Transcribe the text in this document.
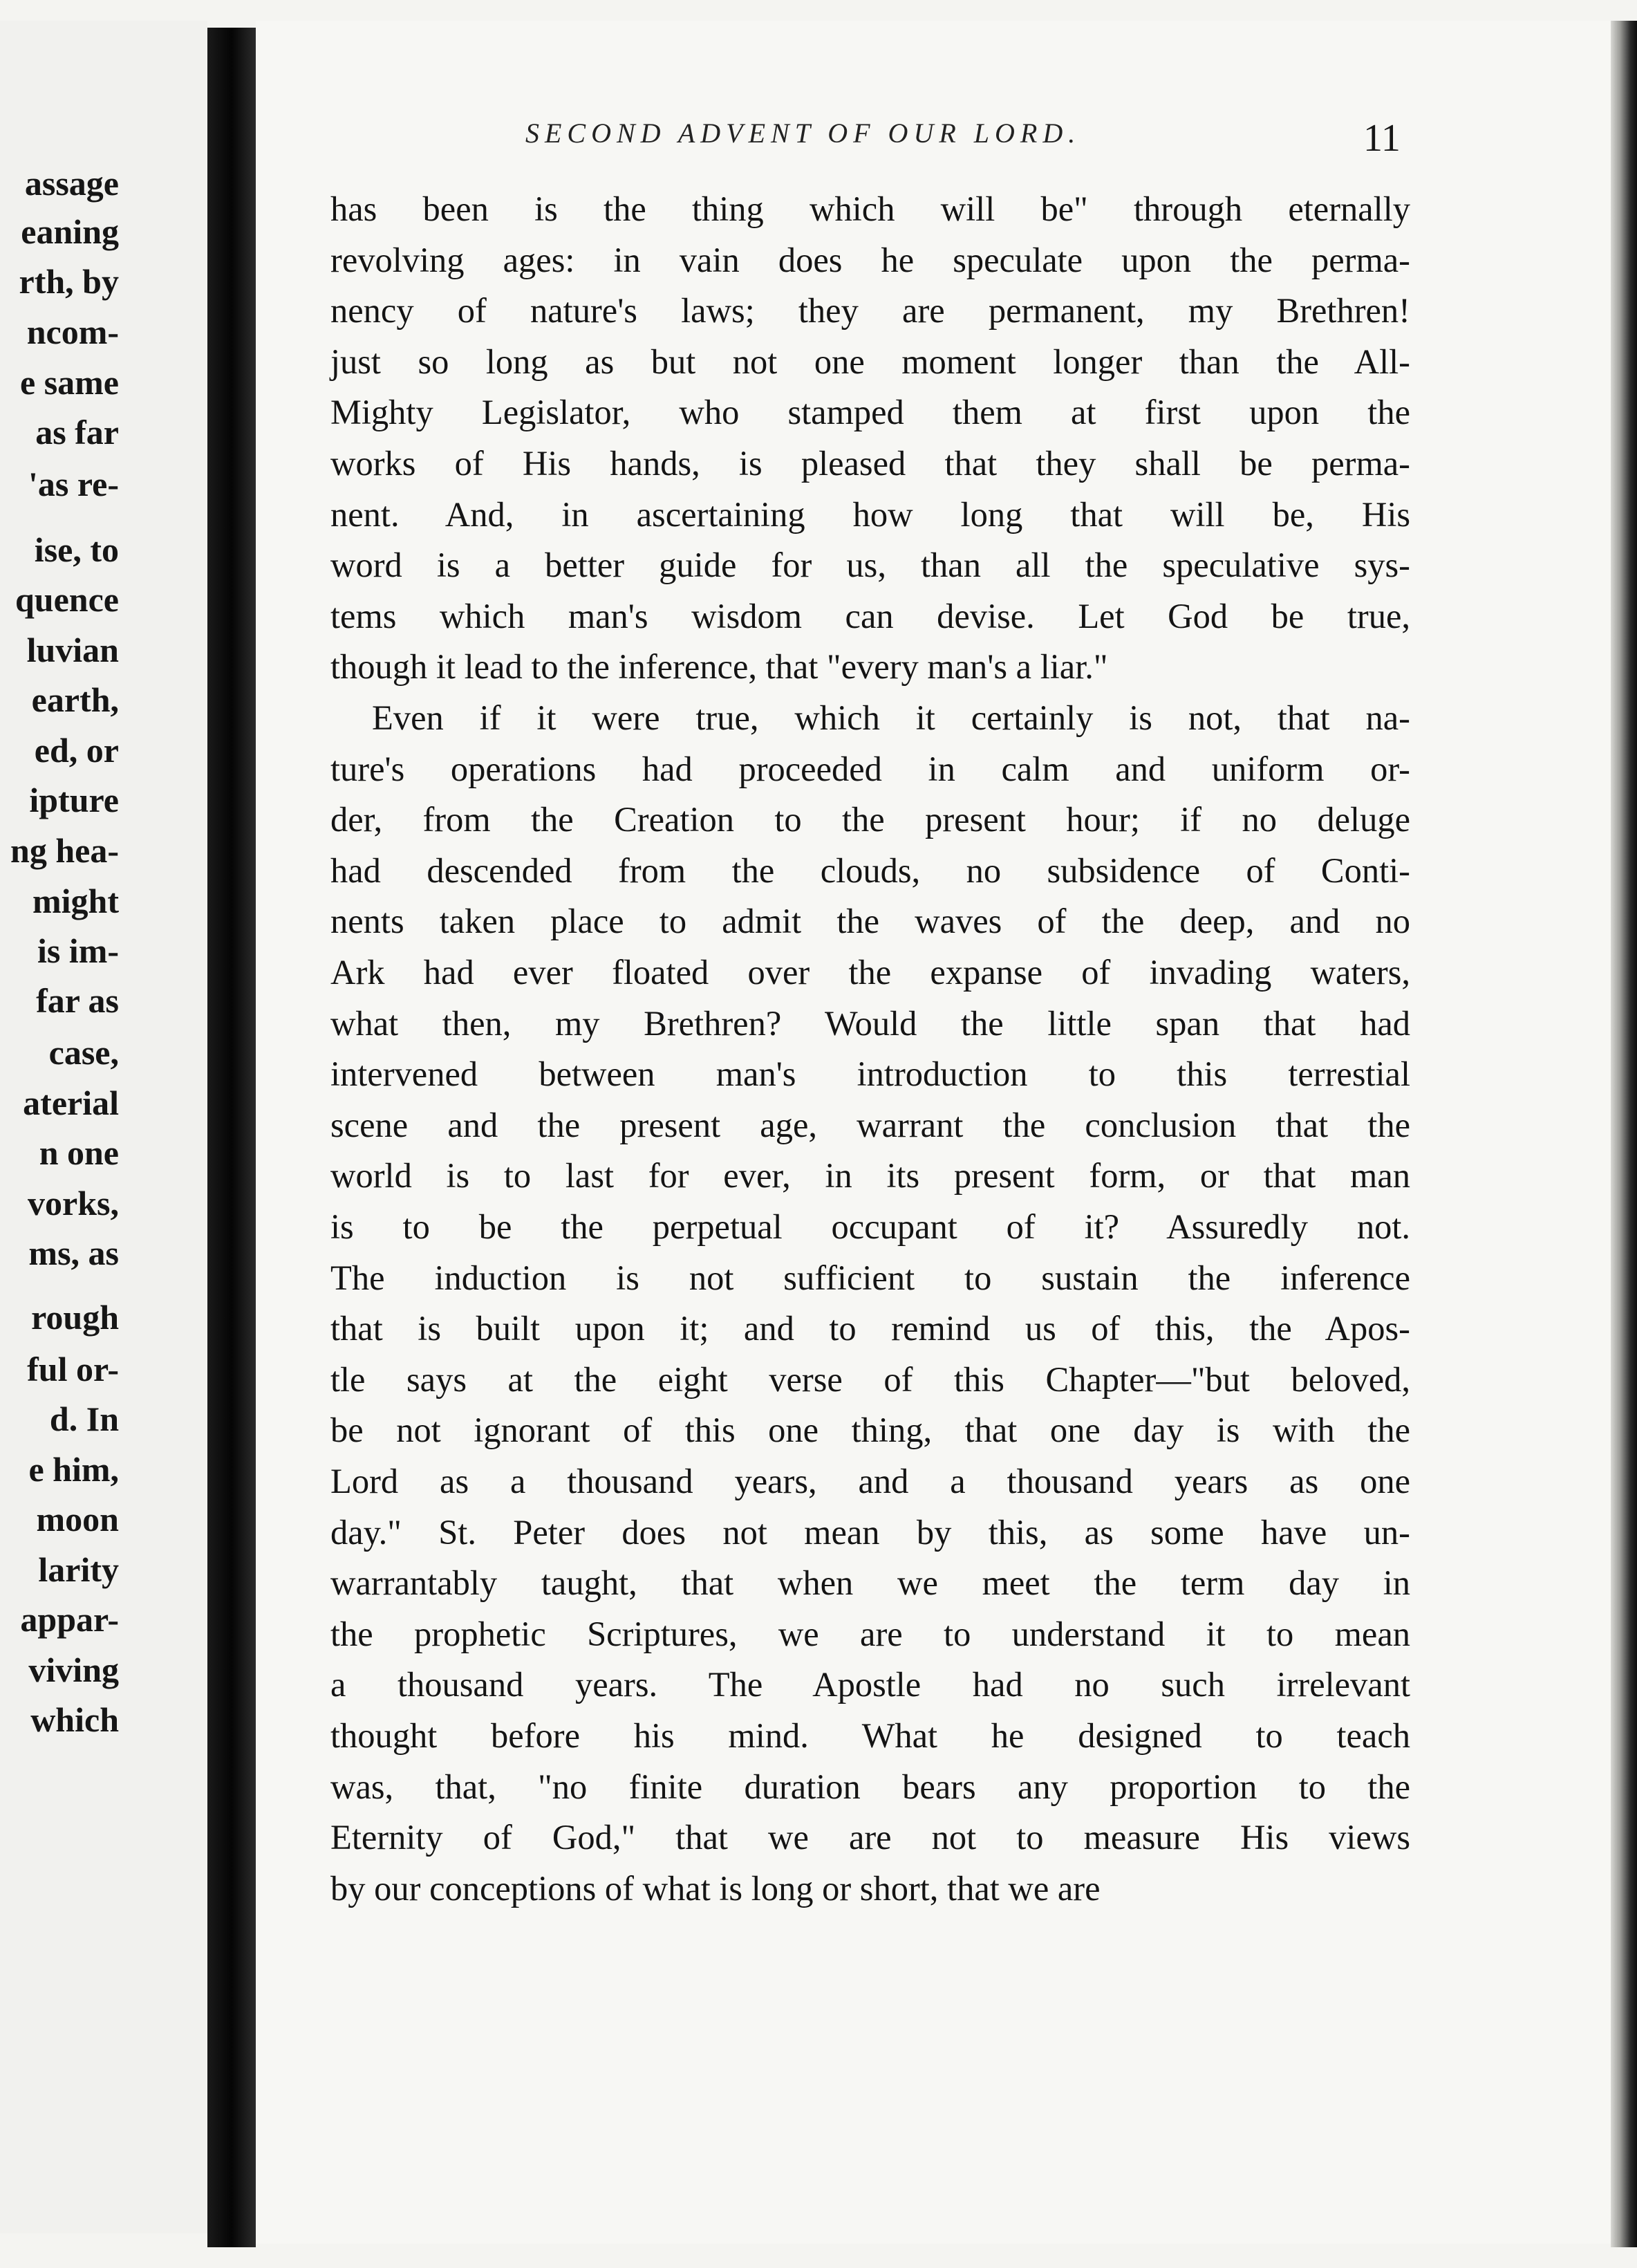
assage
eaning
rth, by
ncom-
e same
as far
'as re-
ise, to
quence
luvian
earth,
ed, or
ipture
ng hea-
might
is im-
far as
case,
aterial
n one
vorks,
ms, as
rough
ful or-
d. In
e him,
moon
larity
appar-
viving
which
SECOND ADVENT OF OUR LORD.	11
has been is the thing which will be" through eternally
revolving ages: in vain does he speculate upon the perma-
nency of nature's laws; they are permanent, my Brethren!
just so long as but not one moment longer than the All-
Mighty Legislator, who stamped them at first upon the
works of His hands, is pleased that they shall be perma-
nent. And, in ascertaining how long that will be, His
word is a better guide for us, than all the speculative sys-
tems which man's wisdom can devise. Let God be true,
though it lead to the inference, that "every man's a liar."
Even if it were true, which it certainly is not, that na-
ture's operations had proceeded in calm and uniform or-
der, from the Creation to the present hour; if no deluge
had descended from the clouds, no subsidence of Conti-
nents taken place to admit the waves of the deep, and no
Ark had ever floated over the expanse of invading waters,
what then, my Brethren? Would the little span that had
intervened between man's introduction to this terrestial
scene and the present age, warrant the conclusion that the
world is to last for ever, in its present form, or that man
is to be the perpetual occupant of it? Assuredly not.
The induction is not sufficient to sustain the inference
that is built upon it; and to remind us of this, the Apos-
tle says at the eight verse of this Chapter—"but beloved,
be not ignorant of this one thing, that one day is with the
Lord as a thousand years, and a thousand years as one
day." St. Peter does not mean by this, as some have un-
warrantably taught, that when we meet the term day in
the prophetic Scriptures, we are to understand it to mean
a thousand years. The Apostle had no such irrelevant
thought before his mind. What he designed to teach
was, that, "no finite duration bears any proportion to the
Eternity of God," that we are not to measure His views
by our conceptions of what is long or short, that we are
